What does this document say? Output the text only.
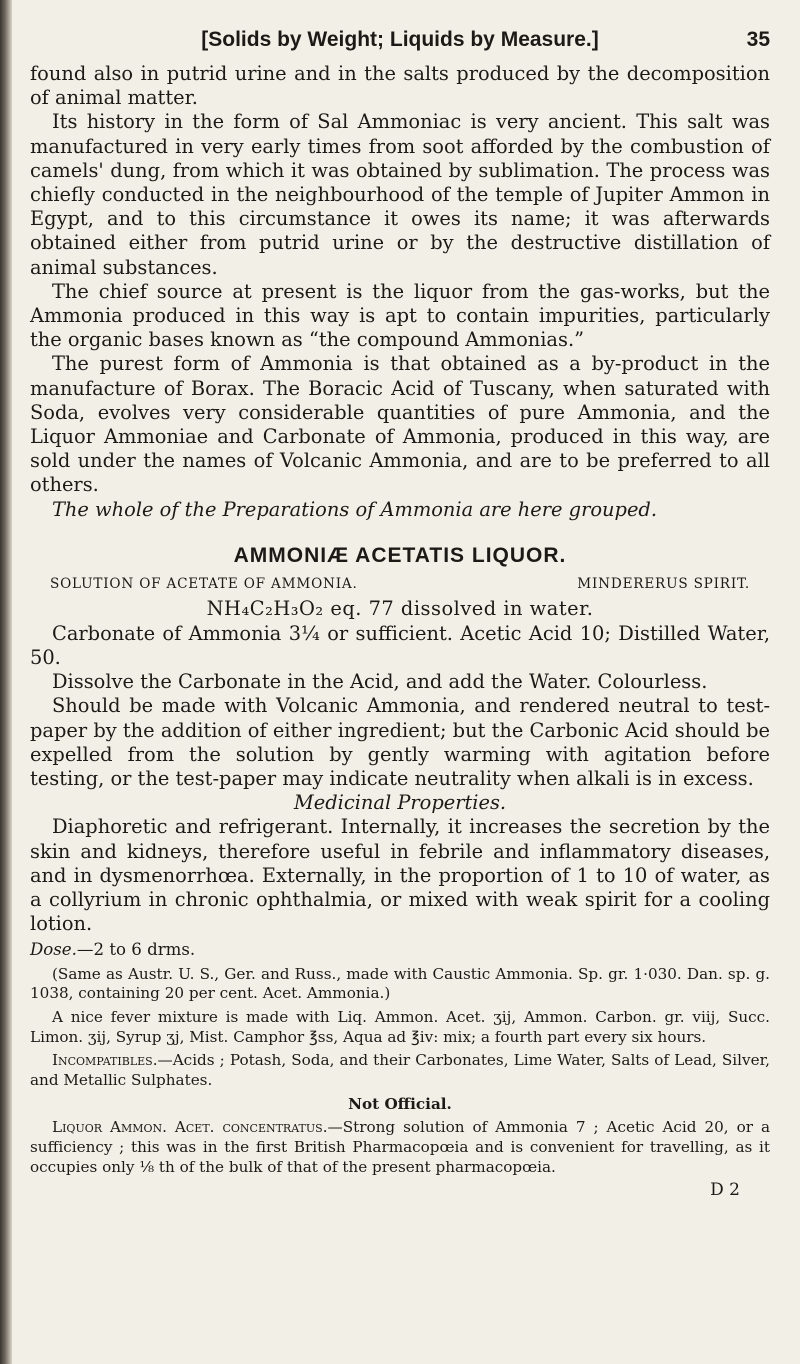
[Solids by Weight; Liquids by Measure.]	35

found also in putrid urine and in the salts produced by the decomposition of animal matter.

Its history in the form of Sal Ammoniac is very ancient. This salt was manufactured in very early times from soot afforded by the combustion of camels' dung, from which it was obtained by sublimation. The process was chiefly conducted in the neighbourhood of the temple of Jupiter Ammon in Egypt, and to this circumstance it owes its name; it was afterwards obtained either from putrid urine or by the destructive distillation of animal substances.

The chief source at present is the liquor from the gas-works, but the Ammonia produced in this way is apt to contain impurities, particularly the organic bases known as “the compound Ammonias.”

The purest form of Ammonia is that obtained as a by-product in the manufacture of Borax. The Boracic Acid of Tuscany, when saturated with Soda, evolves very considerable quantities of pure Ammonia, and the Liquor Ammoniae and Carbonate of Ammonia, produced in this way, are sold under the names of Volcanic Ammonia, and are to be preferred to all others.

The whole of the Preparations of Ammonia are here grouped.

AMMONIÆ ACETATIS LIQUOR.
SOLUTION OF ACETATE OF AMMONIA.	MINDERERUS SPIRIT.
NH₄C₂H₃O₂ eq. 77 dissolved in water.

Carbonate of Ammonia 3¼ or sufficient. Acetic Acid 10; Distilled Water, 50.

Dissolve the Carbonate in the Acid, and add the Water. Colourless.

Should be made with Volcanic Ammonia, and rendered neutral to test-paper by the addition of either ingredient; but the Carbonic Acid should be expelled from the solution by gently warming with agitation before testing, or the test-paper may indicate neutrality when alkali is in excess.

Medicinal Properties.

Diaphoretic and refrigerant. Internally, it increases the secretion by the skin and kidneys, therefore useful in febrile and inflammatory diseases, and in dysmenorrhœa. Externally, in the proportion of 1 to 10 of water, as a collyrium in chronic ophthalmia, or mixed with weak spirit for a cooling lotion.

Dose.—2 to 6 drms.

(Same as Austr. U. S., Ger. and Russ., made with Caustic Ammonia. Sp. gr. 1·030. Dan. sp. g. 1038, containing 20 per cent. Acet. Ammonia.)

A nice fever mixture is made with Liq. Ammon. Acet. ʒij, Ammon. Carbon. gr. viij, Succ. Limon. ʒij, Syrup ʒj, Mist. Camphor ℥ss, Aqua ad ℥iv: mix; a fourth part every six hours.

Incompatibles.—Acids ; Potash, Soda, and their Carbonates, Lime Water, Salts of Lead, Silver, and Metallic Sulphates.

Not Official.

Liquor Ammon. Acet. concentratus.—Strong solution of Ammonia 7 ; Acetic Acid 20, or a sufficiency ; this was in the first British Pharmacopœia and is convenient for travelling, as it occupies only ⅛ th of the bulk of that of the present pharmacopœia.

D 2
